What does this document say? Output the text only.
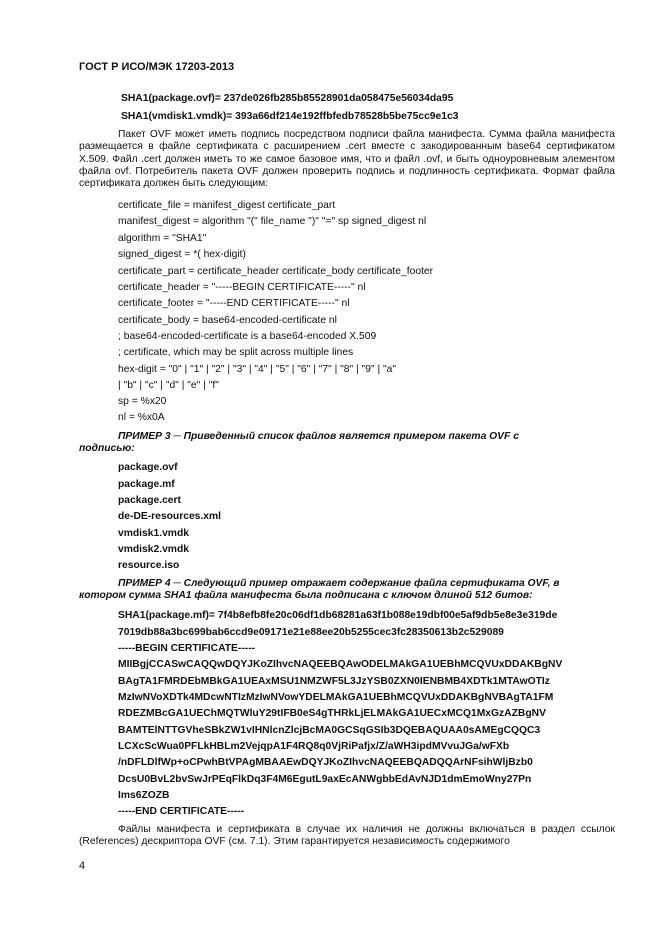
ГОСТ Р ИСО/МЭК 17203-2013
SHA1(package.ovf)= 237de026fb285b85528901da058475e56034da95
SHA1(vmdisk1.vmdk)= 393a66df214e192ffbfedb78528b5be75cc9e1c3
Пакет OVF может иметь подпись посредством подписи файла манифеста. Сумма файла манифеста размещается в файле сертификата с расширением .cert вместе с закодированным base64 сертификатом X.509. Файл .cert должен иметь то же самое базовое имя, что и файл .ovf, и быть одноуровневым элементом файла ovf. Потребитель пакета OVF должен проверить подпись и подлинность сертификата. Формат файла сертификата должен быть следующим:
certificate_file = manifest_digest certificate_part
manifest_digest = algorithm "(" file_name ")" "=" sp signed_digest nl
algorithm = "SHA1"
signed_digest = *( hex-digit)
certificate_part = certificate_header certificate_body certificate_footer
certificate_header = "-----BEGIN CERTIFICATE-----" nl
certificate_footer = "-----END CERTIFICATE-----" nl
certificate_body = base64-encoded-certificate nl
; base64-encoded-certificate is a base64-encoded X.509
; certificate, which may be split across multiple lines
hex-digit = "0" | "1" | "2" | "3" | "4" | "5" | "6" | "7" | "8" | "9" | "a"
| "b" | "c" | "d" | "e" | "f"
sp = %x20
nl = %x0A
ПРИМЕР 3 ─ Приведенный список файлов является примером пакета OVF с
подписью:
package.ovf
package.mf
package.cert
de-DE-resources.xml
vmdisk1.vmdk
vmdisk2.vmdk
resource.iso
ПРИМЕР 4 ─ Следующий пример отражает содержание файла сертификата OVF, в
котором сумма SHA1 файла манифеста была подписана с ключом длиной 512 битов:
SHA1(package.mf)= 7f4b8efb8fe20c06df1db68281a63f1b088e19dbf00e5af9db5e8e3e319de
7019db88a3bc699bab6ccd9e09171e21e88ee20b5255cec3fc28350613b2c529089
-----BEGIN CERTIFICATE-----
MIIBgjCCASwCAQQwDQYJKoZIhvcNAQEEBQAwODELMAkGA1UEBhMCQVUxDDAKBgNV
BAgTA1FMRDEbMBkGA1UEAxMSU1NMZWF5L3JzYSB0ZXN0IENBMB4XDTk1MTAwOTIz
MzIwNVoXDTk4MDcwNTIzMzIwNVowYDELMAkGA1UEBhMCQVUxDDAKBgNVBAgTA1FM
RDEZMBcGA1UEChMQTWluY29tIFB0eS4gTHRkLjELMAkGA1UECxMCQ1MxGzAZBgNV
BAMTElNTTGVheSBkZW1vIHNlcnZlcjBcMA0GCSqGSIb3DQEBAQUAA0sAMEgCQQC3
LCXcScWua0PFLkHBLm2VejqpA1F4RQ8q0VjRiPafjx/Z/aWH3ipdMVvuJGa/wFXb
/nDFLDlfWp+oCPwhBtVPAgMBAAEwDQYJKoZIhvcNAQEEBQADQQArNFsihWljBzb0
DcsU0BvL2bvSwJrPEqFlkDq3F4M6EgutL9axEcANWgbbEdAvNJD1dmEmoWny27Pn
Ims6ZOZB
-----END CERTIFICATE-----
Файлы манифеста и сертификата в случае их наличия не должны включаться в раздел ссылок (References) дескриптора OVF (см. 7.1). Этим гарантируется независимость содержимого
4
